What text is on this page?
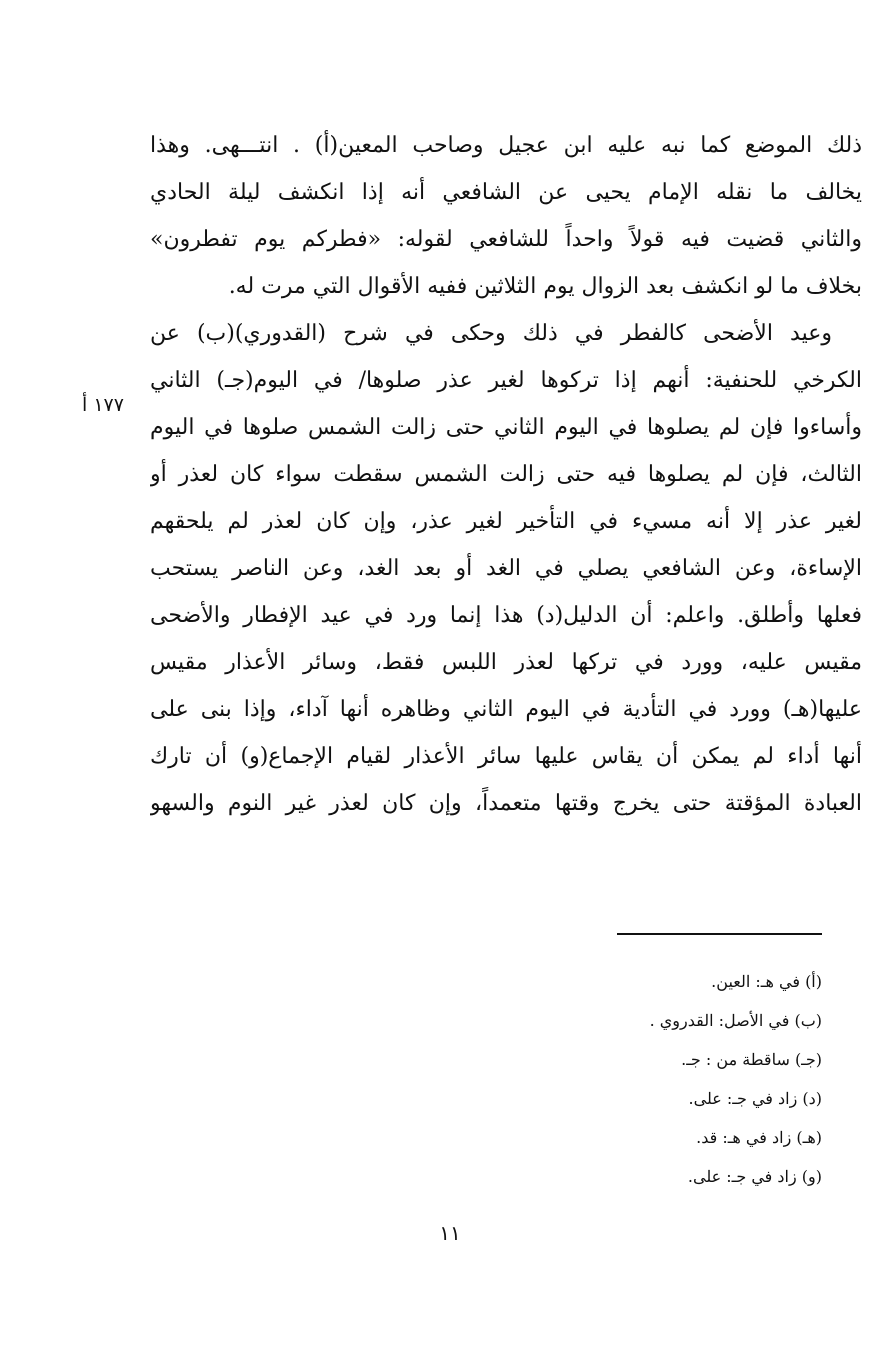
ذلك الموضع كما نبه عليه ابن عجيل وصاحب المعين(أ) . انتـــهى. وهذا
يخالف ما نقله الإمام يحيى عن الشافعي أنه إذا انكشف ليلة الحادي
والثاني قضيت فيه قولاً واحداً للشافعي لقوله: «فطركم يوم تفطرون»
بخلاف ما لو انكشف بعد الزوال يوم الثلاثين ففيه الأقوال التي مرت له.
وعيد الأضحى كالفطر في ذلك وحكى في شرح (القدوري)(ب) عن
الكرخي للحنفية: أنهم إذا تركوها لغير عذر صلوها/ في اليوم(جـ) الثاني
وأساءوا فإن لم يصلوها في اليوم الثاني حتى زالت الشمس صلوها في اليوم
الثالث، فإن لم يصلوها فيه حتى زالت الشمس سقطت سواء كان لعذر أو
لغير عذر إلا أنه مسيء في التأخير لغير عذر، وإن كان لعذر لم يلحقهم
الإساءة، وعن الشافعي يصلي في الغد أو بعد الغد، وعن الناصر يستحب
فعلها وأطلق. واعلم: أن الدليل(د) هذا إنما ورد في عيد الإفطار والأضحى
مقيس عليه، وورد في تركها لعذر اللبس فقط، وسائر الأعذار مقيس
عليها(هـ) وورد في التأدية في اليوم الثاني وظاهره أنها آداء، وإذا بنى على
أنها أداء لم يمكن أن يقاس عليها سائر الأعذار لقيام الإجماع(و) أن تارك
العبادة المؤقتة حتى يخرج وقتها متعمداً، وإن كان لعذر غير النوم والسهو
١٧٧ أ
(أ) في هـ: العين.
(ب) في الأصل: القدروي .
(جـ) ساقطة من : جـ.
(د) زاد في جـ: على.
(هـ) زاد في هـ: قد.
(و) زاد في جـ: على.
١١
